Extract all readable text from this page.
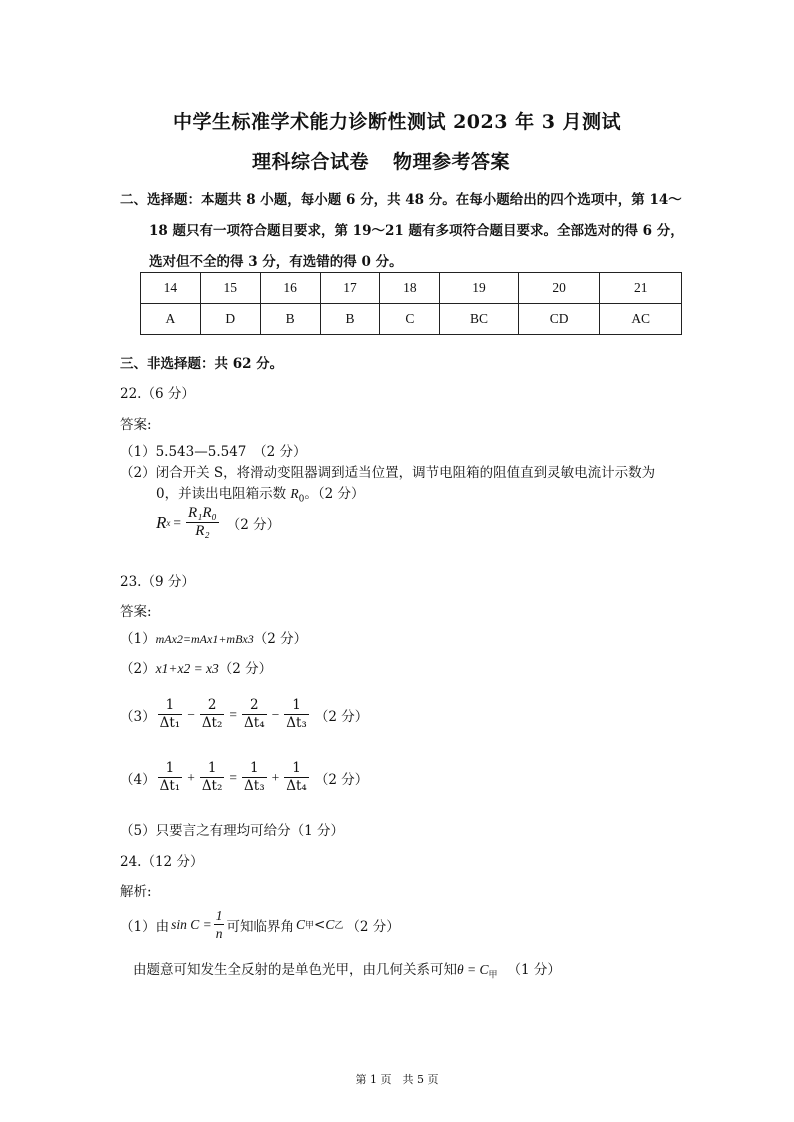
中学生标准学术能力诊断性测试 2023 年 3 月测试
理科综合试卷 物理参考答案
二、选择题：本题共 8 小题，每小题 6 分，共 48 分。在每小题给出的四个选项中，第 14～
18 题只有一项符合题目要求，第 19～21 题有多项符合题目要求。全部选对的得 6 分，
选对但不全的得 3 分，有选错的得 0 分。
14	15	16	17	18	19	20	21
A	D	B	B	C	BC	CD	AC
三、非选择题：共 62 分。
22.（6 分）
答案:
（1）5.543—5.547　（2 分）
（2）闭合开关 S，将滑动变阻器调到适当位置，调节电阻箱的阻值直到灵敏电流计示数为
0，并读出电阻箱示数 $R_0$。（2 分）
R $x = \frac{\text{R₁R₀}}{\text{R₂}} (2$ 分）
23.（9 分）
答案:
（1）mAx2=mAx1+mBx3（2 分）
（2）x1+x2 = x3（2 分）
$(3) \frac{1}{\text{Δt₁}} - \frac{2}{\text{Δt₂}} = \frac{2}{\text{Δt₄}} - \frac{1}{\text{Δt₃}} (2$ 分）
$(4) \frac{1}{\text{Δt₁}} + \frac{1}{\text{Δt₂}} = \frac{1}{\text{Δt₃}} + \frac{1}{\text{Δt₄}} (2$ 分）
（5）只要言之有理均可给分（1 分）
24.（12 分）
解析:
（1）由 $\sin C = \frac{1}{n}$ 可知临界角 C 甲 < C 乙 （2 分）
由题意可知发生全反射的是单色光甲，由几何关系可知$\theta = C_甲$ （1 分）
第 1 页　共 5 页
